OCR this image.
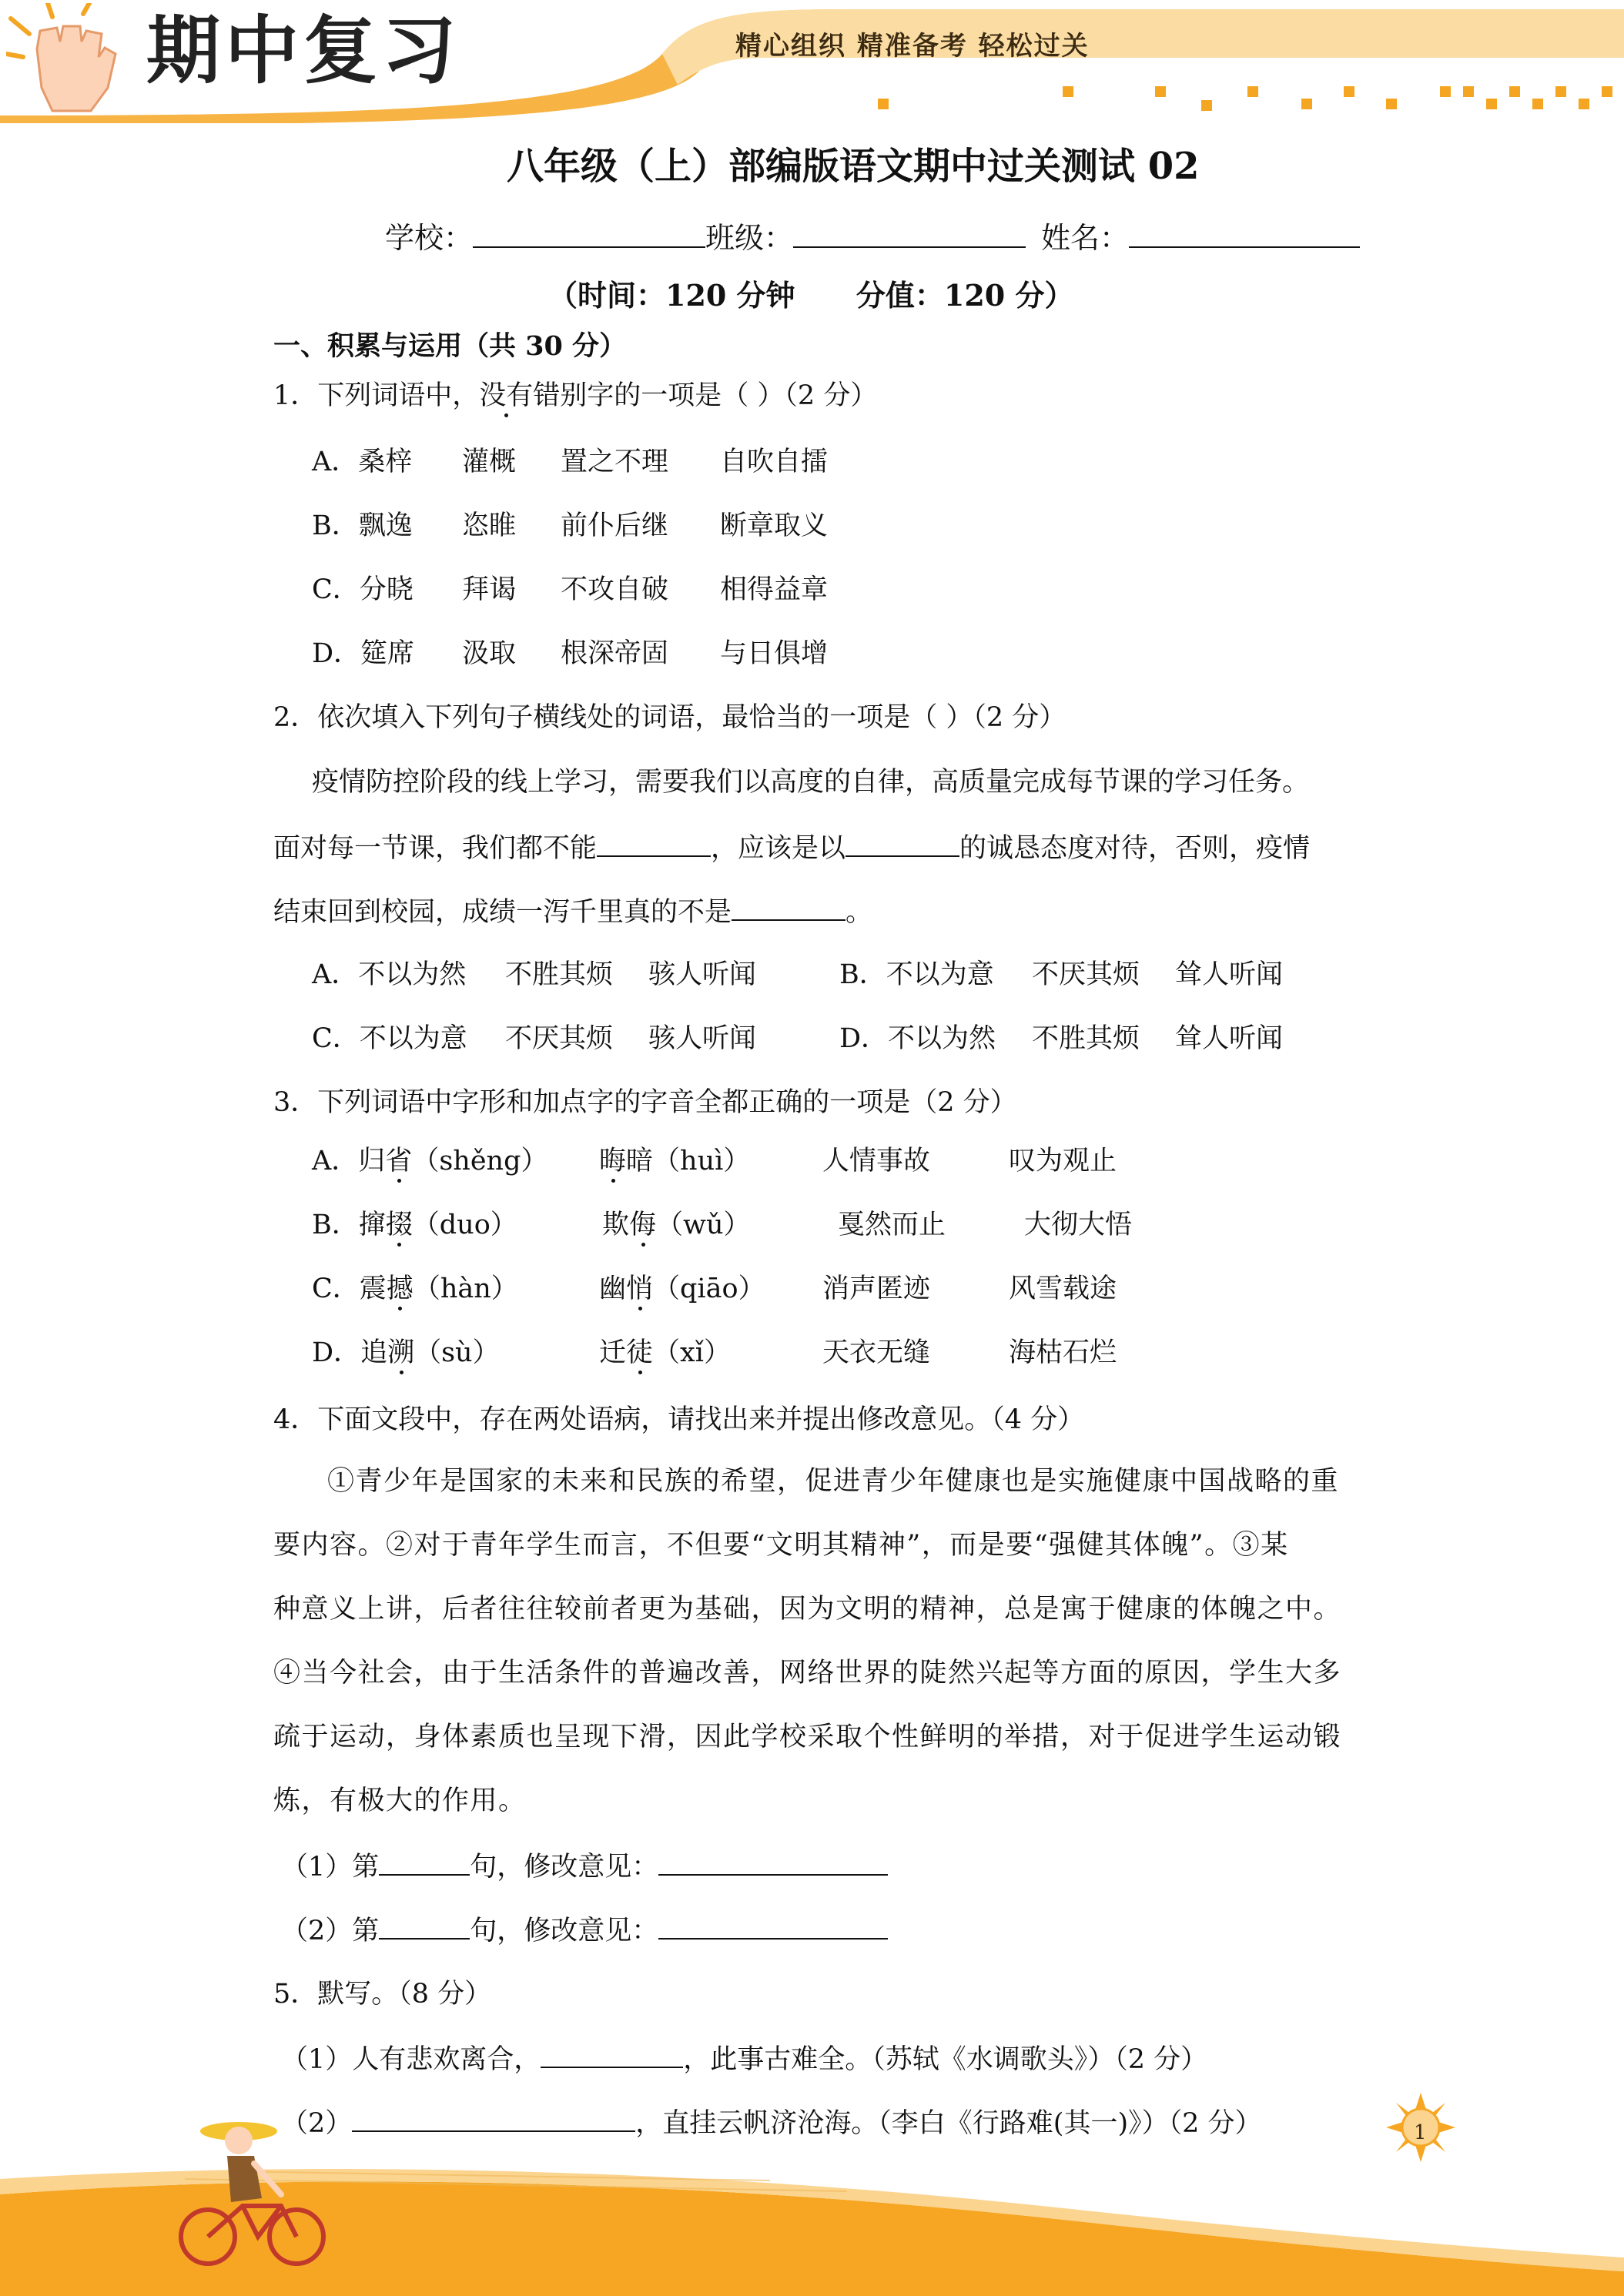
期中复习	精心组织 精准备考 轻松过关
八年级（上）部编版语文期中过关测试 02
学校：	班级：	姓名：
（时间：120 分钟      分值：120 分）
一、积累与运用（共 30 分）
1．下列词语中，没有错别字的一项是（ ）（2 分）
A．桑梓 灌概 置之不理 自吹自擂
B．飘逸 恣睢 前仆后继 断章取义
C．分晓 拜谒 不攻自破 相得益章
D．筵席 汲取 根深帝固 与日俱增
2．依次填入下列句子横线处的词语，最恰当的一项是（ ）（2 分）
疫情防控阶段的线上学习，需要我们以高度的自律，高质量完成每节课的学习任务。
面对每一节课，我们都不能	，应该是以	的诚恳态度对待，否则，疫情
结束回到校园，成绩一泻千里真的不是	。
A．不以为然 不胜其烦 骇人听闻	B．不以为意 不厌其烦 耸人听闻
C．不以为意 不厌其烦 骇人听闻	D．不以为然 不胜其烦 耸人听闻
3．下列词语中字形和加点字的字音全都正确的一项是（2 分）
A．归省（shěng） 晦暗（huì）	人情事故	叹为观止
B．撺掇（duo）	欺侮（wǔ）	戛然而止	大彻大悟
C．震撼（hàn）	幽悄（qiāo） 消声匿迹	风雪载途
D．追溯（sù）	迁徒（xǐ）	天衣无缝	海枯石烂
4．下面文段中，存在两处语病，请找出来并提出修改意见。（4 分）
①青少年是国家的未来和民族的希望，促进青少年健康也是实施健康中国战略的重
要内容。②对于青年学生而言，不但要“文明其精神”，而是要“强健其体魄”。③某
种意义上讲，后者往往较前者更为基础，因为文明的精神，总是寓于健康的体魄之中。
④当今社会，由于生活条件的普遍改善，网络世界的陡然兴起等方面的原因，学生大多
疏于运动，身体素质也呈现下滑，因此学校采取个性鲜明的举措，对于促进学生运动锻
炼，有极大的作用。
（1）第	句，修改意见：
（2）第	句，修改意见：
5．默写。（8 分）
（1）人有悲欢离合，	，此事古难全。（苏轼《水调歌头》）（2 分）
（2）	，直挂云帆济沧海。（李白《行路难(其一)》）（2 分）	1
